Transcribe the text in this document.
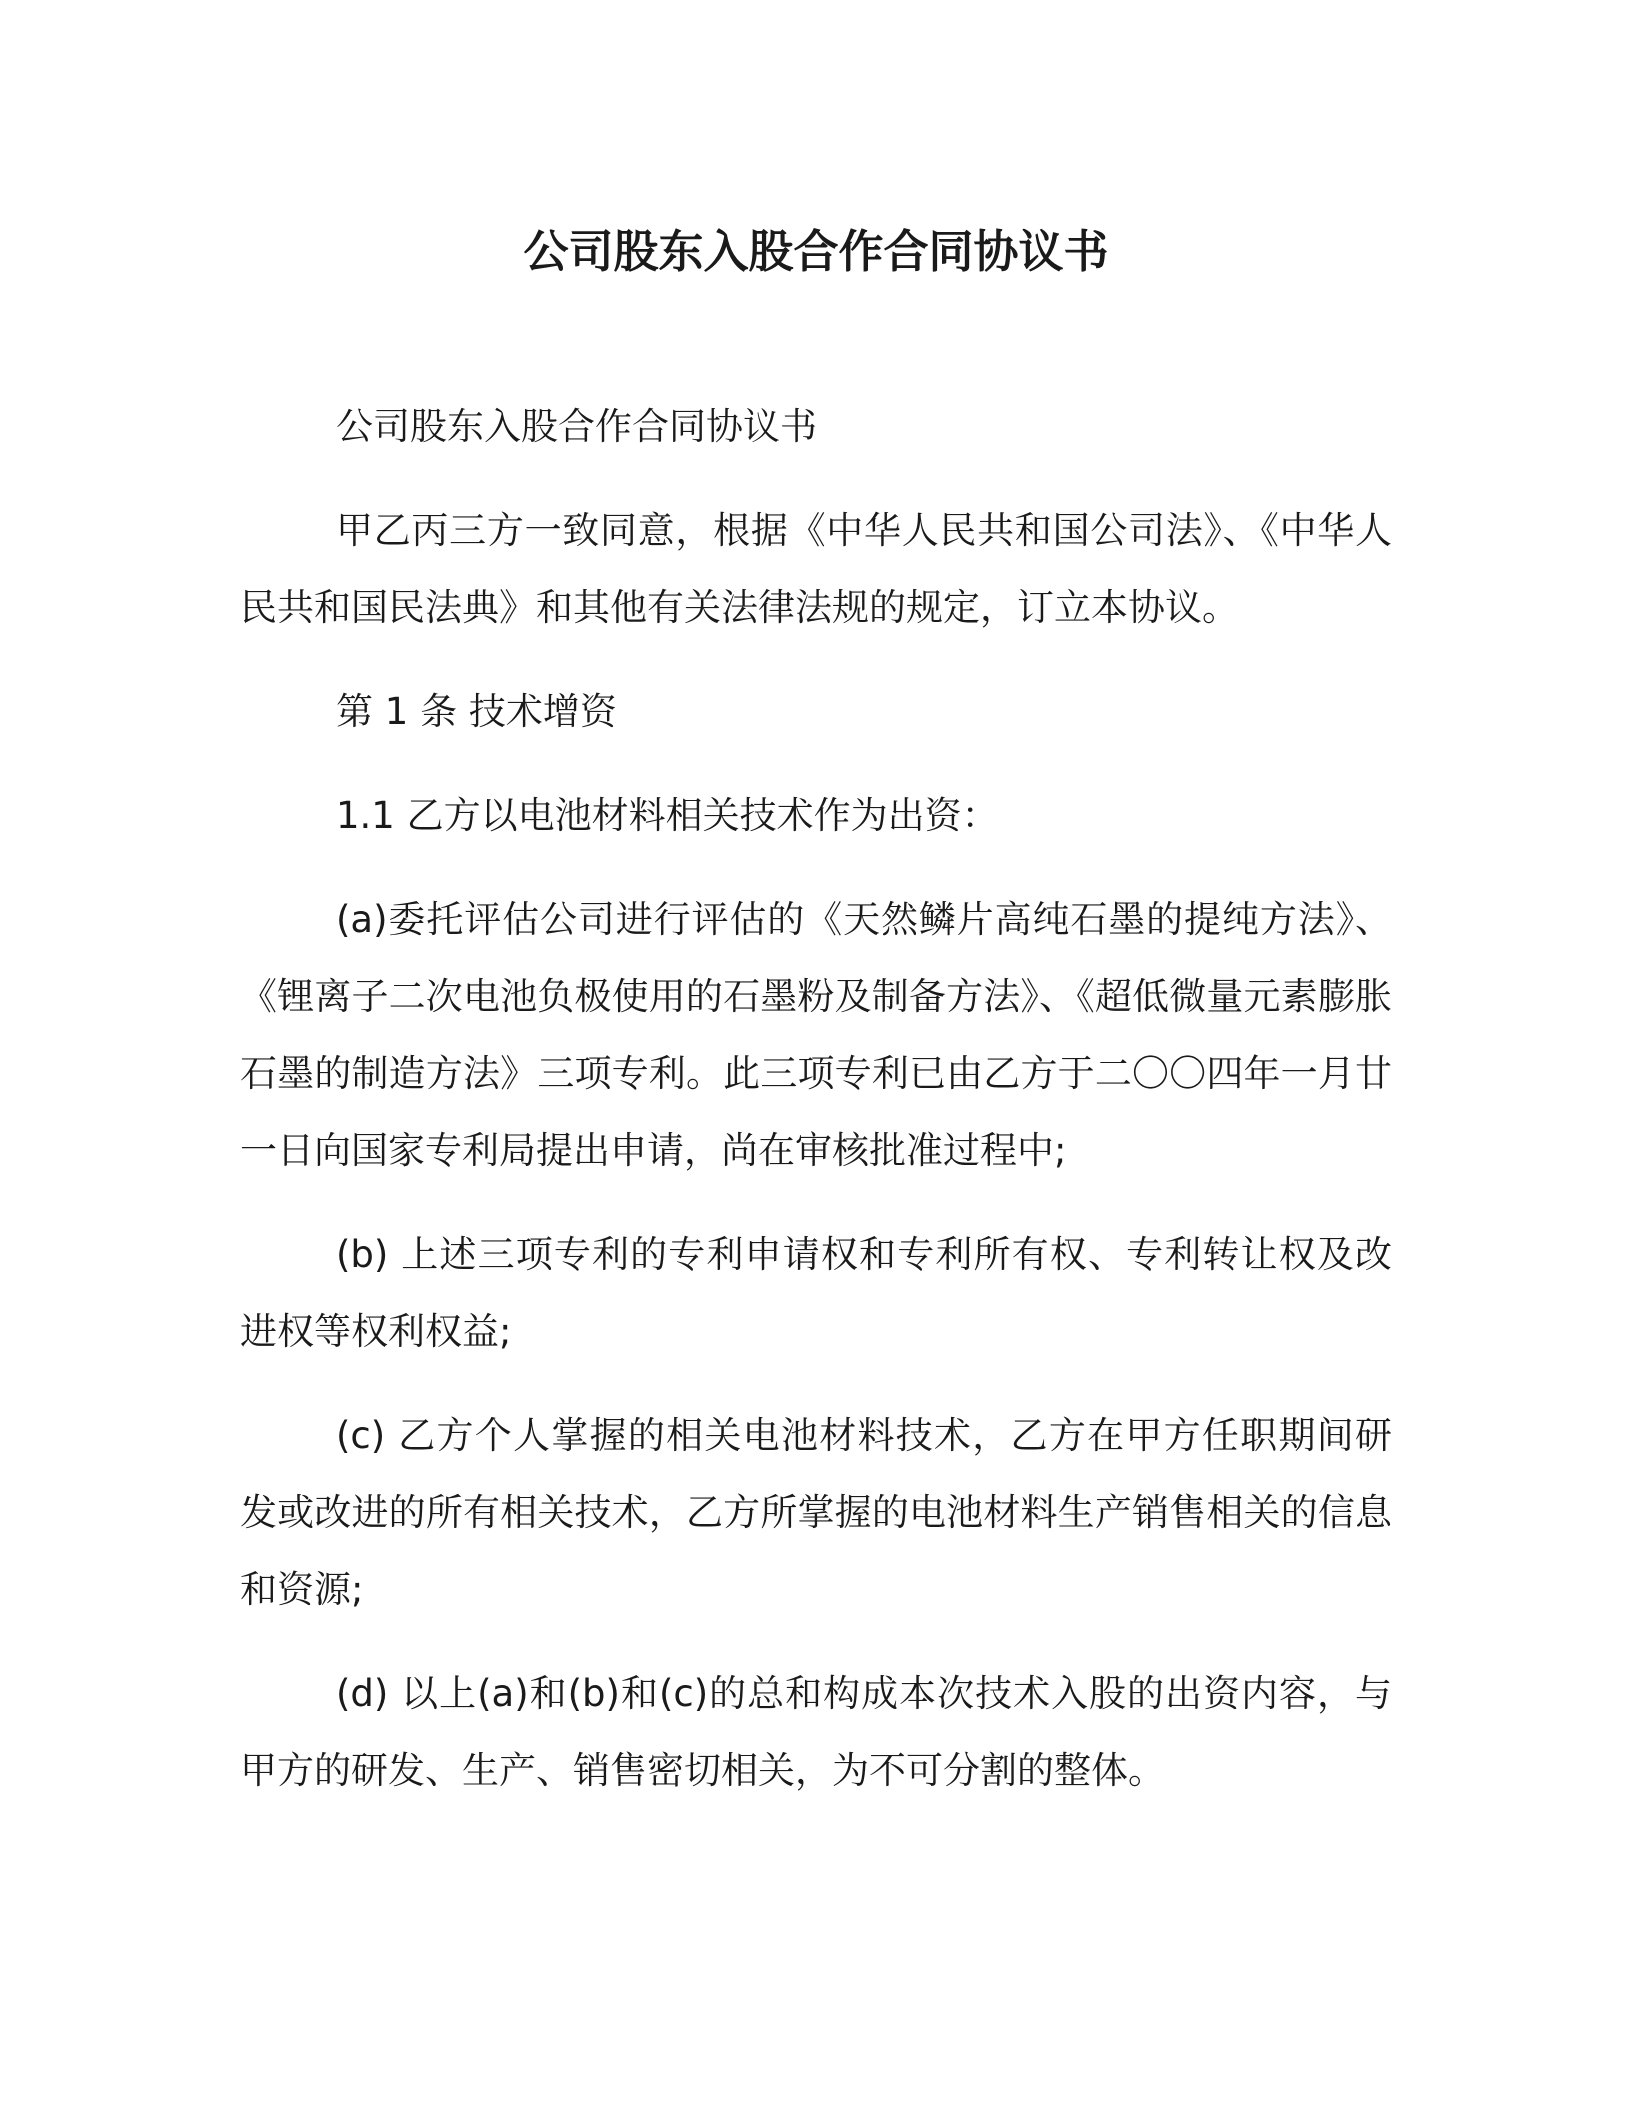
公司股东入股合作合同协议书

公司股东入股合作合同协议书

甲乙丙三方一致同意，根据《中华人民共和国公司法》、《中华人民共和国民法典》和其他有关法律法规的规定，订立本协议。

第 1 条 技术增资

1.1 乙方以电池材料相关技术作为出资：

(a)委托评估公司进行评估的《天然鳞片高纯石墨的提纯方法》、《锂离子二次电池负极使用的石墨粉及制备方法》、《超低微量元素膨胀石墨的制造方法》三项专利。此三项专利已由乙方于二〇〇四年一月廿一日向国家专利局提出申请，尚在审核批准过程中;

(b) 上述三项专利的专利申请权和专利所有权、专利转让权及改进权等权利权益;

(c) 乙方个人掌握的相关电池材料技术，乙方在甲方任职期间研发或改进的所有相关技术，乙方所掌握的电池材料生产销售相关的信息和资源;

(d) 以上(a)和(b)和(c)的总和构成本次技术入股的出资内容，与甲方的研发、生产、销售密切相关，为不可分割的整体。
